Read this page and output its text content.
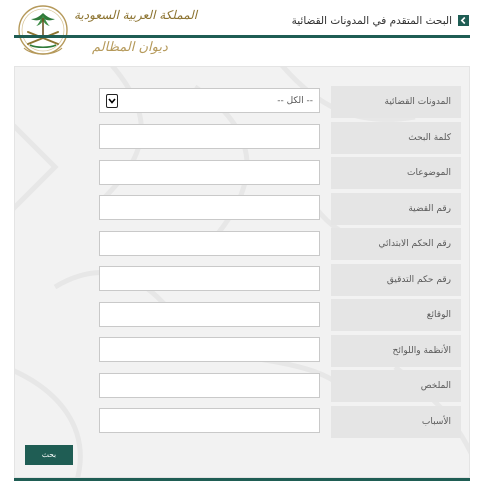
المملكة العربية السعودية
ديوان المظالم
البحث المتقدم في المدونات القضائية
المدونات القضائية
-- الكل --
كلمة البحث
الموضوعات
رقم القضية
رقم الحكم الابتدائي
رقم حكم التدقيق
الوقائع
الأنظمة واللوائح
الملخص
الأسباب
بحث
